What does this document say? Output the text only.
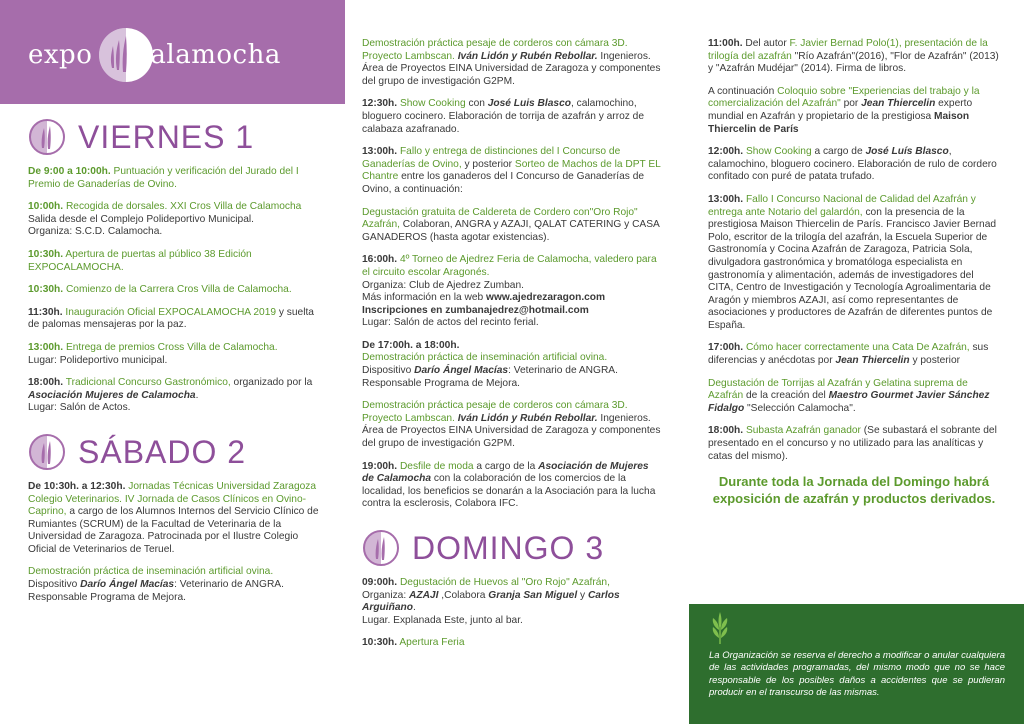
expo Calamocha
VIERNES 1
De 9:00 a 10:00h. Puntuación y verificación del Jurado del I Premio de Ganaderías de Ovino.
10:00h. Recogida de dorsales. XXI Cros Villa de Calamocha
Salida desde el Complejo Polideportivo Municipal.
Organiza: S.C.D. Calamocha.
10:30h. Apertura de puertas al público 38 Edición EXPOCALAMOCHA.
10:30h. Comienzo de la Carrera Cros Villa de Calamocha.
11:30h. Inauguración Oficial EXPOCALAMOCHA 2019 y suelta de palomas mensajeras por la paz.
13:00h. Entrega de premios Cross Villa de Calamocha.
Lugar: Polideportivo municipal.
18:00h. Tradicional Concurso Gastronómico, organizado por la Asociación Mujeres de Calamocha.
Lugar: Salón de Actos.
SÁBADO 2
De 10:30h. a 12:30h. Jornadas Técnicas Universidad Zaragoza Colegio Veterinarios. IV Jornada de Casos Clínicos en Ovino-Caprino, a cargo de los Alumnos Internos del Servicio Clínico de Rumiantes (SCRUM) de la Facultad de Veterinaria de la Universidad de Zaragoza. Patrocinada por el Ilustre Colegio Oficial de Veterinarios de Teruel.
Demostración práctica de inseminación artificial ovina.
Dispositivo Darío Ángel Macías: Veterinario de ANGRA. Responsable Programa de Mejora.
Demostración práctica pesaje de corderos con cámara 3D. Proyecto Lambscan. Iván Lidón y Rubén Rebollar. Ingenieros. Área de Proyectos EINA Universidad de Zaragoza y componentes del grupo de investigación G2PM.
12:30h. Show Cooking con José Luis Blasco, calamochino, bloguero cocinero. Elaboración de torrija de azafrán y arroz de calabaza azafranado.
13:00h. Fallo y entrega de distinciones del I Concurso de Ganaderías de Ovino, y posterior Sorteo de Machos de la DPT EL Chantre entre los ganaderos del I Concurso de Ganaderías de Ovino, a continuación:
Degustación gratuita de Caldereta de Cordero con"Oro Rojo" Azafrán, Colaboran, ANGRA y AZAJI, QALAT CATERING y CASA GANADEROS (hasta agotar existencias).
16:00h. 4º Torneo de Ajedrez Feria de Calamocha, valedero para el circuito escolar Aragonés.
Organiza: Club de Ajedrez Zumban.
Más información en la web www.ajedrezaragon.com
Inscripciones en zumbanajedrez@hotmail.com
Lugar: Salón de actos del recinto ferial.
De 17:00h. a 18:00h.
Demostración práctica de inseminación artificial ovina.
Dispositivo Darío Ángel Macías: Veterinario de ANGRA. Responsable Programa de Mejora.
Demostración práctica pesaje de corderos con cámara 3D. Proyecto Lambscan. Iván Lidón y Rubén Rebollar. Ingenieros. Área de Proyectos EINA Universidad de Zaragoza y componentes del grupo de investigación G2PM.
19:00h. Desfile de moda a cargo de la Asociación de Mujeres de Calamocha con la colaboración de los comercios de la localidad, los beneficios se donarán a la Asociación para la lucha contra la esclerosis, Colabora IFC.
DOMINGO 3
09:00h. Degustación de Huevos al "Oro Rojo" Azafrán,
Organiza: AZAJI ,Colabora Granja San Miguel y Carlos Arguiñano.
Lugar. Explanada Este, junto al bar.
10:30h. Apertura Feria
11:00h. Del autor F. Javier Bernad Polo(1), presentación de la trilogía del azafrán "Río Azafrán"(2016), "Flor de Azafrán" (2013) y "Azafrán Mudéjar" (2014). Firma de libros.
A continuación Coloquio sobre "Experiencias del trabajo y la comercialización del Azafrán" por Jean Thiercelin experto mundial en Azafrán y propietario de la prestigiosa Maison Thiercelin de París
12:00h. Show Cooking a cargo de José Luís Blasco, calamochino, bloguero cocinero. Elaboración de rulo de cordero confitado con puré de patata trufado.
13:00h. Fallo I Concurso Nacional de Calidad del Azafrán y entrega ante Notario del galardón, con la presencia de la prestigiosa Maison Thiercelin de París. Francisco Javier Bernad Polo, escritor de la trilogía del azafrán, la Escuela Superior de Gastronomía y Cocina Azafrán de Zaragoza, Patricia Sola, divulgadora gastronómica y bromatóloga especialista en gastronomía y alimentación, además de investigadores del CITA, Centro de Investigación y Tecnología Agroalimentaria de Aragón y miembros AZAJI, así como representantes de asociaciones y productores de Azafrán de diferentes puntos de España.
17:00h. Cómo hacer correctamente una Cata De Azafrán, sus diferencias y anécdotas por Jean Thiercelin y posterior
Degustación de Torrijas al Azafrán y Gelatina suprema de Azafrán de la creación del Maestro Gourmet Javier Sánchez Fidalgo "Selección Calamocha".
18:00h. Subasta Azafrán ganador (Se subastará el sobrante del presentado en el concurso y no utilizado para las analíticas y catas del mismo).
Durante toda la Jornada del Domingo habrá exposición de azafrán y productos derivados.
La Organización se reserva el derecho a modificar o anular cualquiera de las actividades programadas, del mismo modo que no se hace responsable de los posibles daños a accidentes que se pudieran producir en el transcurso de las mismas.
